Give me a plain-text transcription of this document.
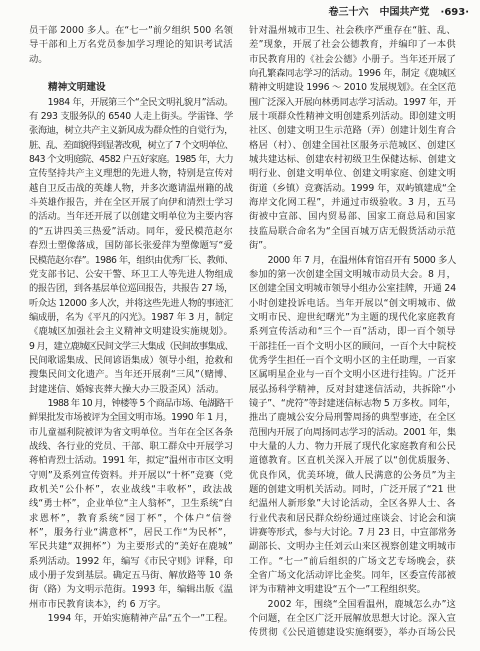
卷三十六 中国共产党 ·693·
员干部 2000 多人。在“七一”前夕组织 500 名领
导干部和上万名党员参加学习理论的知识考试活
动。
精神文明建设
1984 年，开展第三个“全民文明礼貌月”活动。
有 293 支服务队的 6540 人走上街头。学雷锋、学
张海迪，树立共产主义新风成为群众性的自觉行为，
脏、乱、差面貌得到显著改观，树立了 7 个文明单位、
843 个文明庭院、4582 户五好家庭。1985 年，大力
宣传坚持共产主义理想的先进人物，特别是宣传对
越自卫反击战的英雄人物，并多次邀请温州籍的战
斗英雄作报告，并在全区开展了向伊和清烈士学习
的活动。当年还开展了以创建文明单位为主要内容
的“五讲四美三热爱”活动。同年，爱民模范赵尔
春烈士塑像落成，国防部长张爱萍为塑像题写“爱
民模范赵尔春”。1986 年，组织由优秀厂长、教师、
党支部书记、公安干警、环卫工人等先进人物组成
的报告团，到各基层单位巡回报告，共报告 27 场，
听众达 12000 多人次，并将这些先进人物的事迹汇
编成册，名为《平凡的闪光》。1987 年 3 月，制定
《鹿城区加强社会主义精神文明建设实施规划》。
9 月，建立鹿城区民间文学三大集成（民间故事集成、
民间歌谣集成、民间谚语集成）领导小组，抢救和
搜集民间文化遗产。当年还开展刹“三风”（赌博、
封建迷信、婚嫁丧葬大操大办三股歪风）活动。
1988 年 10 月，钟楼等 5 个商品市场、龟湖路干
鲜果批发市场被评为全国文明市场。1990 年 1 月，
市儿童福利院被评为省文明单位。当年在全区各条
战线、各行业的党员、干部、职工群众中开展学习
蒋柏青烈士活动。1991 年，拟定“温州市市区文明
守则”及系列宣传资料。并开展以“十杯”竞赛（党
政机关“公仆杯”，农业战线“丰收杯”，政法战
线“勇士杯”，企业单位“主人翁杯”，卫生系统“白
求恩杯”，教育系统“园丁杯”，个体户“信誉
杯”，服务行业“满意杯”，居民工作“为民杯”，
军民共建“双拥杯”）为主要形式的“美好在鹿城”
系列活动。1992 年，编写《市民守则》评释，印
成小册子发到基层。确定五马街、解放路等 10 条
街（路）为文明示范街。1993 年，编辑出版《温
州市市民教育读本》，约 6 万字。
1994 年，开始实施精神产品“五个一”工程。
针对温州城市卫生、社会秩序严重存在“脏、乱、
差”现象，开展了社会公德教育，并编印了一本供
市民教育用的《社会公德》小册子。当年还开展了
向孔繁森同志学习的活动。1996 年，制定《鹿城区
精神文明建设 1996 ～ 2010 发展规划》。在全区范
围广泛深入开展向林勇同志学习活动。1997 年，开
展十项群众性精神文明创建系列活动。即创建文明
社区、创建文明卫生示范路（弄）创建计划生育合
格居（村）、创建全国社区服务示范城区、创建区
城共建达标、创建农村初级卫生保健达标、创建文
明行业、创建文明单位、创建文明家庭、创建文明
街道（乡镇）竞赛活动。1999 年，双屿镇建成“全
海岸文化网工程”，并通过市级验收。3 月，五马
街被中宣部、国内贸易部、国家工商总局和国家
技监局联合命名为“全国百城万店无假货活动示范
街”。
2000 年 7 月，在温州体育馆召开有 5000 多人
参加的第一次创建全国文明城市动员大会。8 月，
区创建全国文明城市领导小组办公室挂牌，开通 24
小时创建投诉电话。当年开展以“创文明城市、做
文明市民、迎世纪曙光”为主题的现代化家庭教育
系列宣传活动和“三个一百”活动，即一百个领导
干部挂任一百个文明小区的顾问，一百个大中院校
优秀学生担任一百个文明小区的主任助理，一百家
区属明星企业与一百个文明小区进行挂钩。广泛开
展弘扬科学精神，反对封建迷信活动，共拆除“小
镜子”、“虎符”等封建迷信标志物 5 万多枚。同年，
推出了鹿城公安分局刑警周扬的典型事迹，在全区
范围内开展了向周扬同志学习的活动。2001 年，集
中大量的人力、物力开展了现代化家庭教育和公民
道德教育。区直机关深入开展了以“创优质服务、
优良作风，优美环境，做人民满意的公务员”为主
题的创建文明机关活动。同时，广泛开展了“21 世
纪温州人新形象”大讨论活动，全区各界人士、各
行业代表和居民群众纷纷通过座谈会、讨论会和演
讲赛等形式，参与大讨论。7 月 23 日，中宣部常务
副部长、文明办主任刘云山来区视察创建文明城市
工作。“七一”前后组织的广场文艺专场晚会，获
全省广场文化活动评比金奖。同年，区委宣传部被
评为市精神文明建设“五个一”工程组织奖。
2002 年，围绕“全国看温州，鹿城怎么办”这
个问题，在全区广泛开展解放思想大讨论。深入宣
传贯彻《公民道德建设实施纲要》，举办百场公民
